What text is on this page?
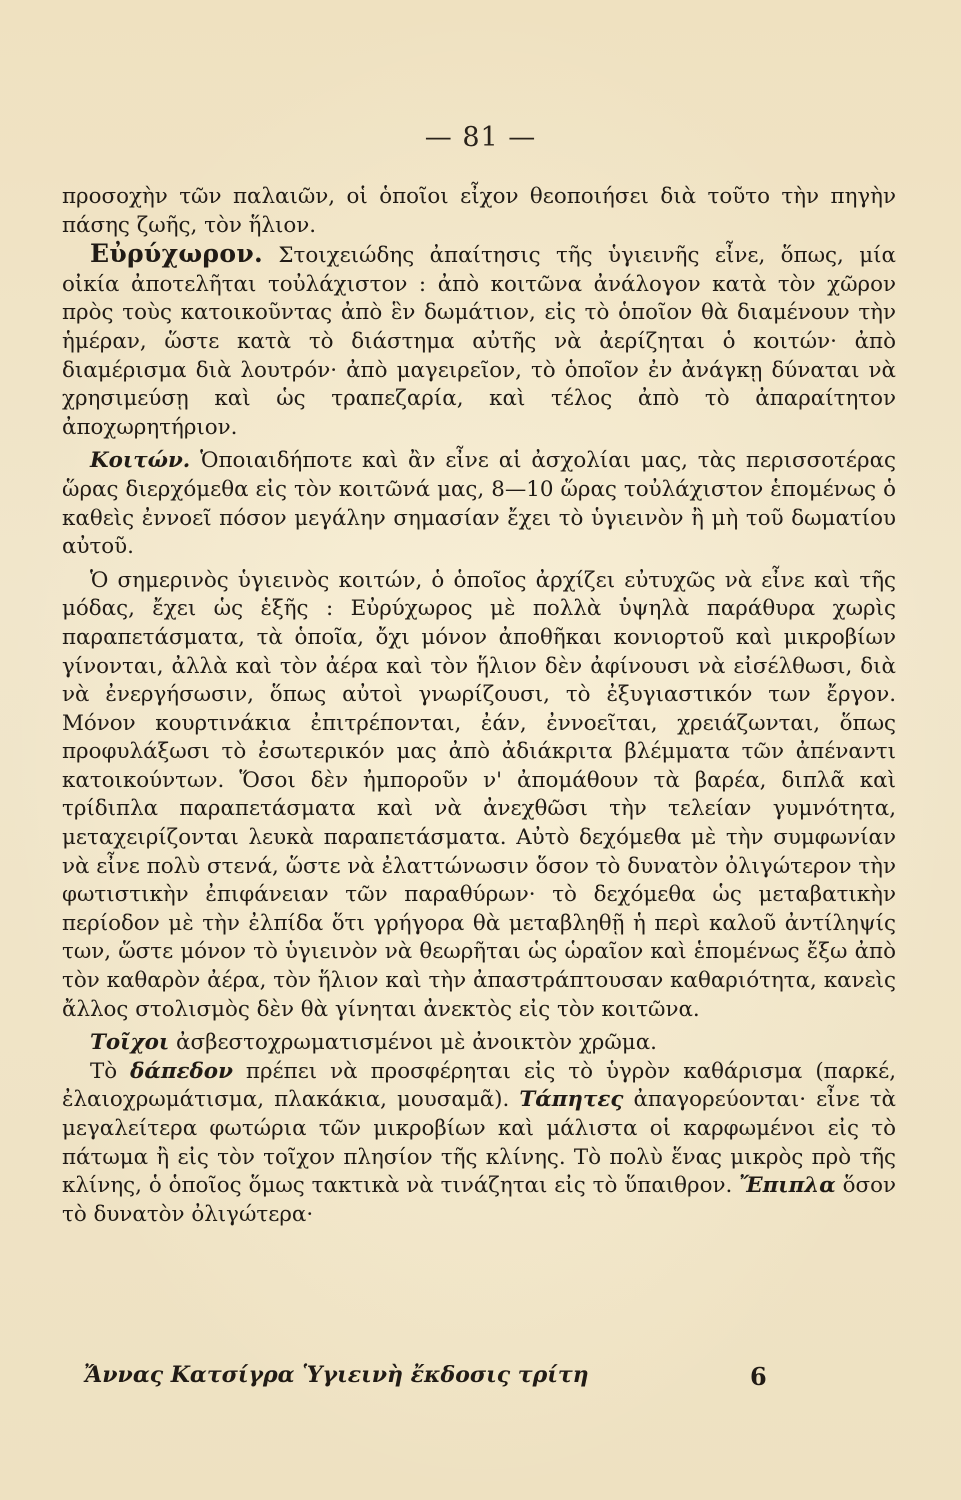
— 81 —

προσοχὴν τῶν παλαιῶν, οἱ ὁποῖοι εἶχον θεοποιήσει διὰ τοῦτο τὴν πηγὴν πάσης ζωῆς, τὸν ἥλιον.

Εὐρύχωρον. Στοιχειώδης ἀπαίτησις τῆς ὑγιεινῆς εἶνε, ὅπως, μία οἰκία ἀποτελῆται τοὐλάχιστον : ἀπὸ κοιτῶνα ἀνάλογον κατὰ τὸν χῶρον πρὸς τοὺς κατοικοῦντας ἀπὸ ἓν δωμάτιον, εἰς τὸ ὁποῖον θὰ διαμένουν τὴν ἡμέραν, ὥστε κατὰ τὸ διάστημα αὐτῆς νὰ ἀερίζηται ὁ κοιτών· ἀπὸ διαμέρισμα διὰ λουτρόν· ἀπὸ μαγειρεῖον, τὸ ὁποῖον ἐν ἀνάγκῃ δύναται νὰ χρησιμεύσῃ καὶ ὡς τραπεζαρία, καὶ τέλος ἀπὸ τὸ ἀπαραίτητον ἀποχωρητήριον.

Κοιτών. Ὁποιαιδήποτε καὶ ἂν εἶνε αἱ ἀσχολίαι μας, τὰς περισσοτέρας ὥρας διερχόμεθα εἰς τὸν κοιτῶνά μας, 8—10 ὥρας τοὐλάχιστον ἑπομένως ὁ καθεὶς ἐννοεῖ πόσον μεγάλην σημασίαν ἔχει τὸ ὑγιεινὸν ἢ μὴ τοῦ δωματίου αὐτοῦ.

Ὁ σημερινὸς ὑγιεινὸς κοιτών, ὁ ὁποῖος ἀρχίζει εὐτυχῶς νὰ εἶνε καὶ τῆς μόδας, ἔχει ὡς ἑξῆς : Εὐρύχωρος μὲ πολλὰ ὑψηλὰ παράθυρα χωρὶς παραπετάσματα, τὰ ὁποῖα, ὄχι μόνον ἀποθῆκαι κονιορτοῦ καὶ μικροβίων γίνονται, ἀλλὰ καὶ τὸν ἀέρα καὶ τὸν ἥλιον δὲν ἀφίνουσι νὰ εἰσέλθωσι, διὰ νὰ ἐνεργήσωσιν, ὅπως αὐτοὶ γνωρίζουσι, τὸ ἐξυγιαστικόν των ἔργον. Μόνον κουρτινάκια ἐπιτρέπονται, ἐάν, ἐννοεῖται, χρειάζωνται, ὅπως προφυλάξωσι τὸ ἐσωτερικόν μας ἀπὸ ἀδιάκριτα βλέμματα τῶν ἀπέναντι κατοικούντων. Ὅσοι δὲν ἠμποροῦν ν' ἀπομάθουν τὰ βαρέα, διπλᾶ καὶ τρίδιπλα παραπετάσματα καὶ νὰ ἀνεχθῶσι τὴν τελείαν γυμνότητα, μεταχειρίζονται λευκὰ παραπετάσματα. Αὐτὸ δεχόμεθα μὲ τὴν συμφωνίαν νὰ εἶνε πολὺ στενά, ὥστε νὰ ἐλαττώνωσιν ὅσον τὸ δυνατὸν ὀλιγώτερον τὴν φωτιστικὴν ἐπιφάνειαν τῶν παραθύρων· τὸ δεχόμεθα ὡς μεταβατικὴν περίοδον μὲ τὴν ἐλπίδα ὅτι γρήγορα θὰ μεταβληθῇ ἡ περὶ καλοῦ ἀντίληψίς των, ὥστε μόνον τὸ ὑγιεινὸν νὰ θεωρῆται ὡς ὡραῖον καὶ ἑπομένως ἔξω ἀπὸ τὸν καθαρὸν ἀέρα, τὸν ἥλιον καὶ τὴν ἀπαστράπτουσαν καθαριότητα, κανεὶς ἄλλος στολισμὸς δὲν θὰ γίνηται ἀνεκτὸς εἰς τὸν κοιτῶνα.

Τοῖχοι ἀσβεστοχρωματισμένοι μὲ ἀνοικτὸν χρῶμα.

Τὸ δάπεδον πρέπει νὰ προσφέρηται εἰς τὸ ὑγρὸν καθάρισμα (παρκέ, ἐλαιοχρωμάτισμα, πλακάκια, μουσαμᾶ). Τάπητες ἀπαγορεύονται· εἶνε τὰ μεγαλείτερα φωτώρια τῶν μικροβίων καὶ μάλιστα οἱ καρφωμένοι εἰς τὸ πάτωμα ἢ εἰς τὸν τοῖχον πλησίον τῆς κλίνης. Τὸ πολὺ ἕνας μικρὸς πρὸ τῆς κλίνης, ὁ ὁποῖος ὅμως τακτικὰ νὰ τινάζηται εἰς τὸ ὕπαιθρον. Ἔπιπλα ὅσον τὸ δυνατὸν ὀλιγώτερα·

Ἄννας Κατσίγρα Ὑγιεινὴ ἔκδοσις τρίτη	6
